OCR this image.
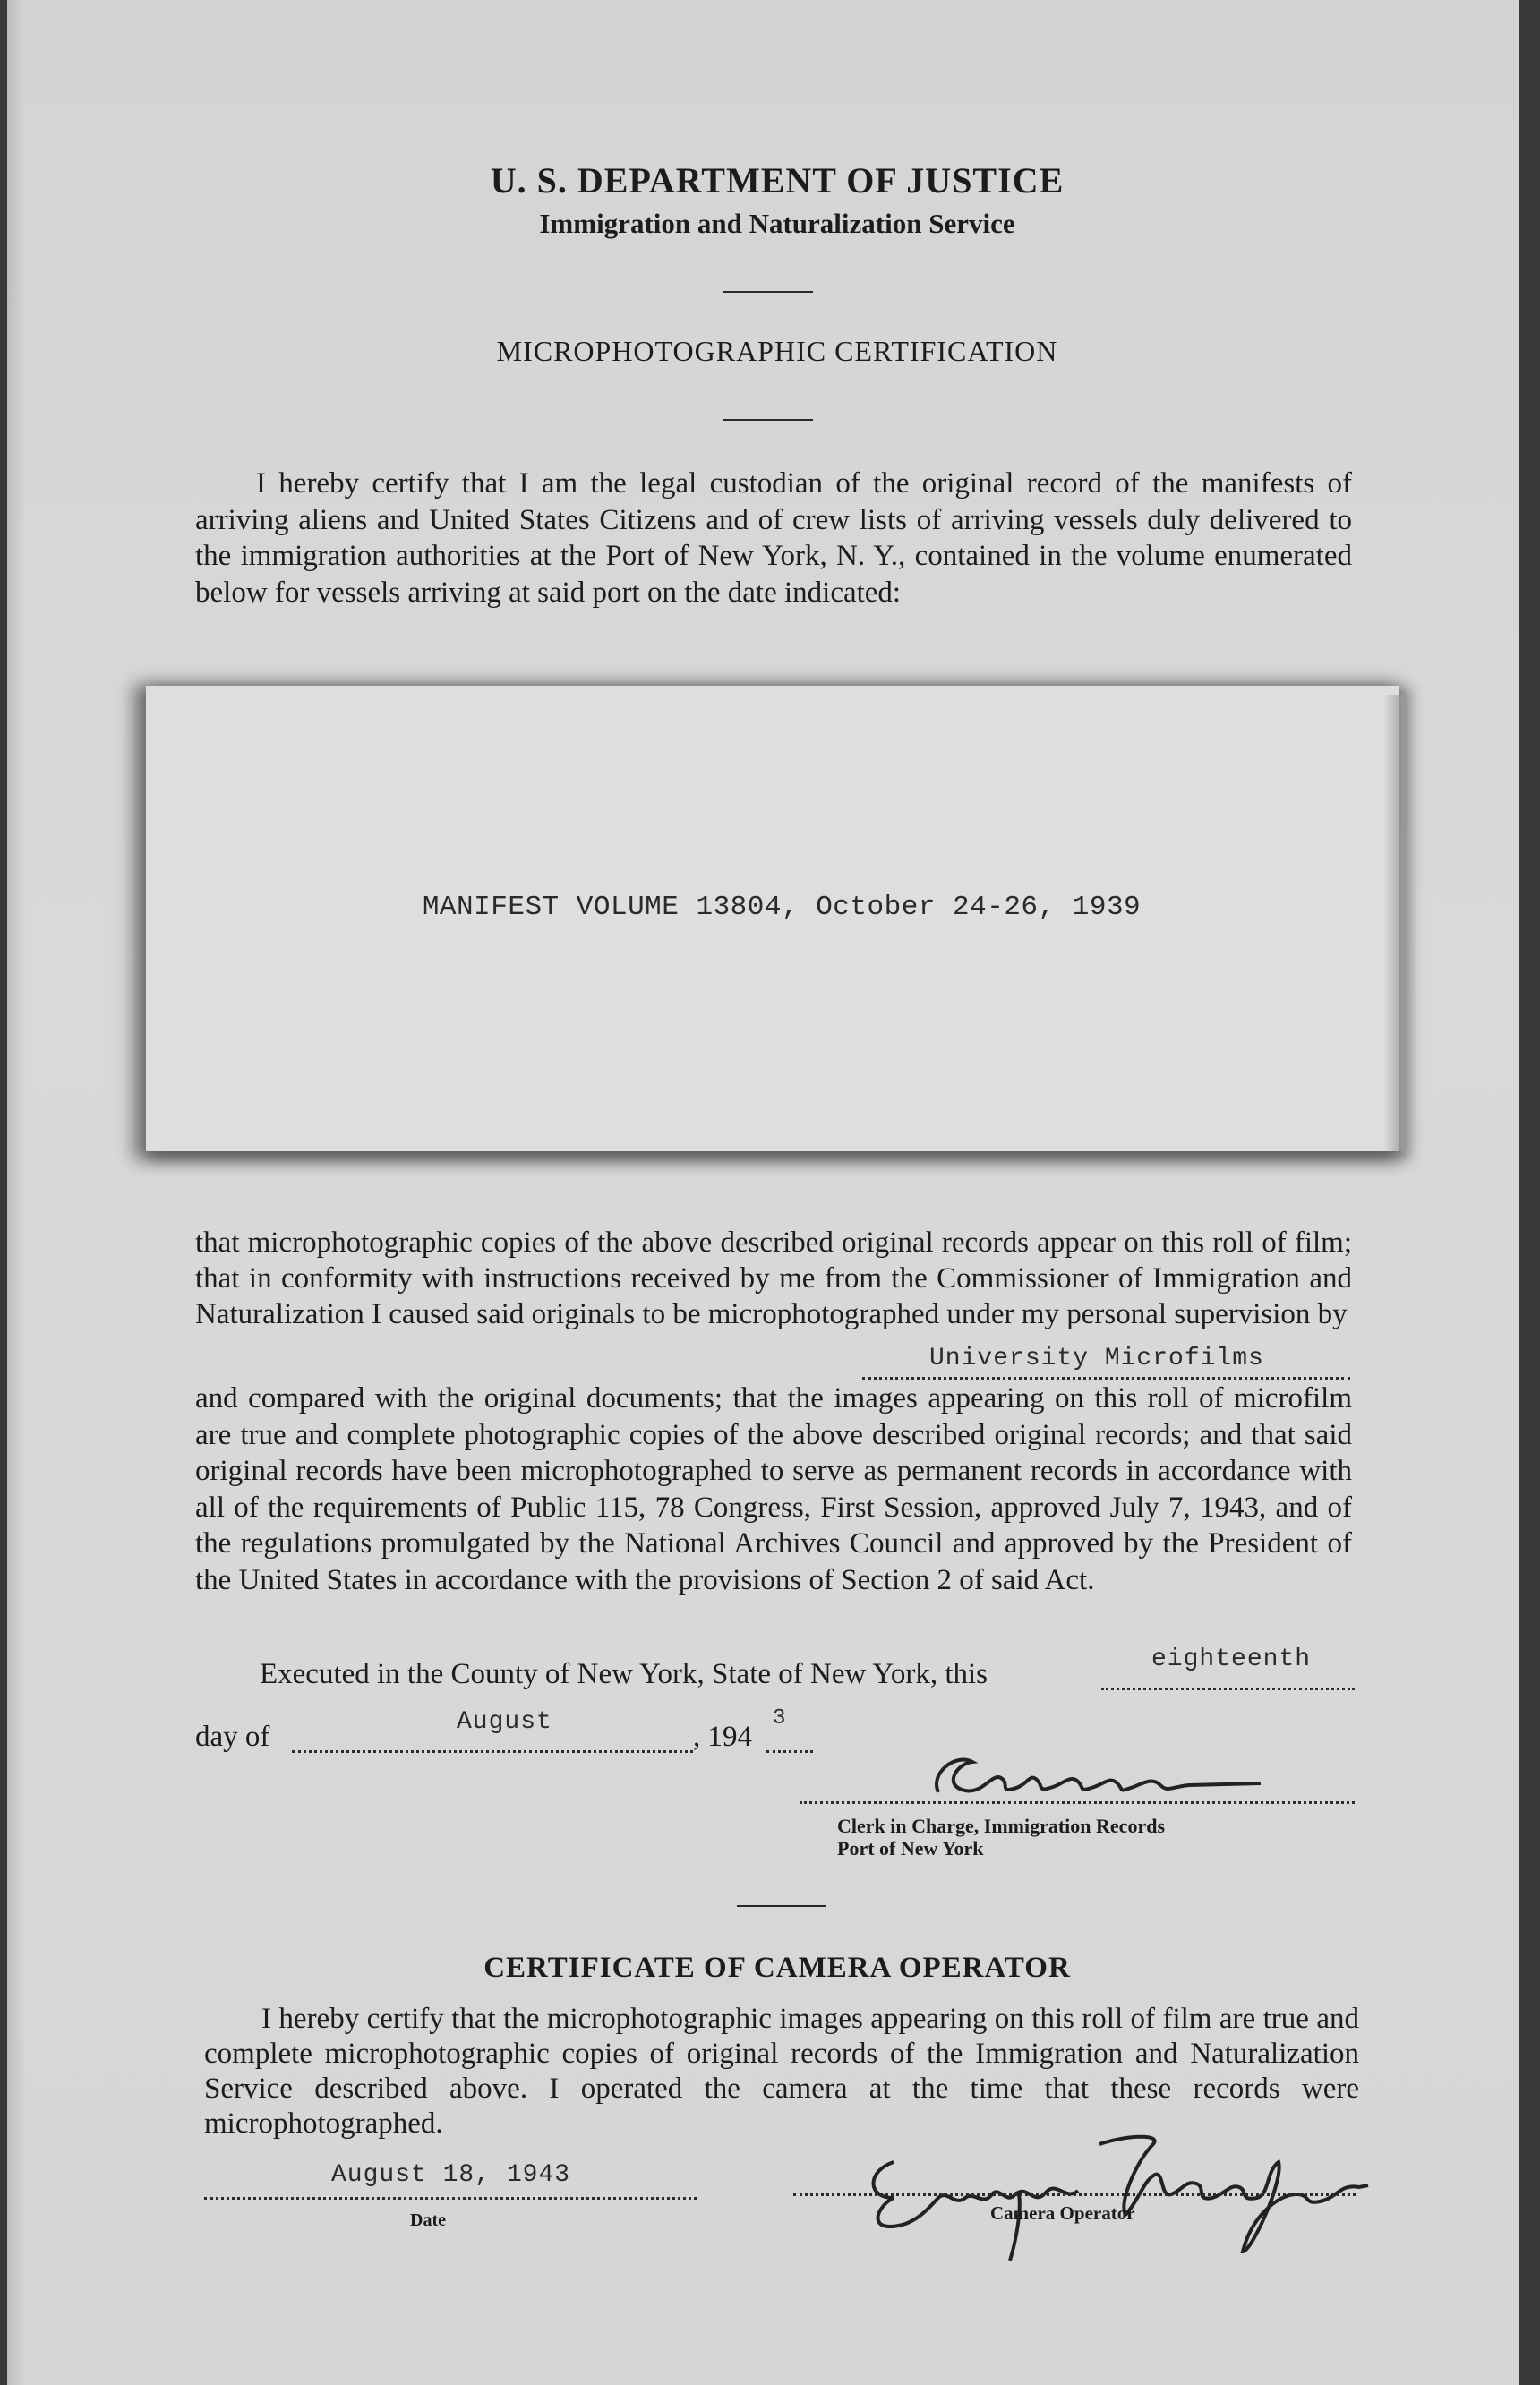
U. S. DEPARTMENT OF JUSTICE
Immigration and Naturalization Service
MICROPHOTOGRAPHIC CERTIFICATION
I hereby certify that I am the legal custodian of the original record of the manifests of arriving aliens and United States Citizens and of crew lists of arriving vessels duly delivered to the immigration authorities at the Port of New York, N. Y., contained in the volume enumerated below for vessels arriving at said port on the date indicated:
MANIFEST VOLUME 13804, October 24-26, 1939
that microphotographic copies of the above described original records appear on this roll of film; that in conformity with instructions received by me from the Commissioner of Immigration and Naturalization I caused said originals to be microphotographed under my personal supervision by
University Microfilms
and compared with the original documents; that the images appearing on this roll of microfilm are true and complete photographic copies of the above described original records; and that said original records have been microphotographed to serve as permanent records in accordance with all of the requirements of Public 115, 78 Congress, First Session, approved July 7, 1943, and of the regulations promulgated by the National Archives Council and approved by the President of the United States in accordance with the provisions of Section 2 of said Act.
Executed in the County of New York, State of New York, this	eighteenth
day of	August	, 194
3
Clerk in Charge, Immigration Records
Port of New York
CERTIFICATE OF CAMERA OPERATOR
I hereby certify that the microphotographic images appearing on this roll of film are true and complete microphotographic copies of original records of the Immigration and Naturalization Service described above. I operated the camera at the time that these records were microphotographed.
August 18, 1943
Date	Camera Operator
